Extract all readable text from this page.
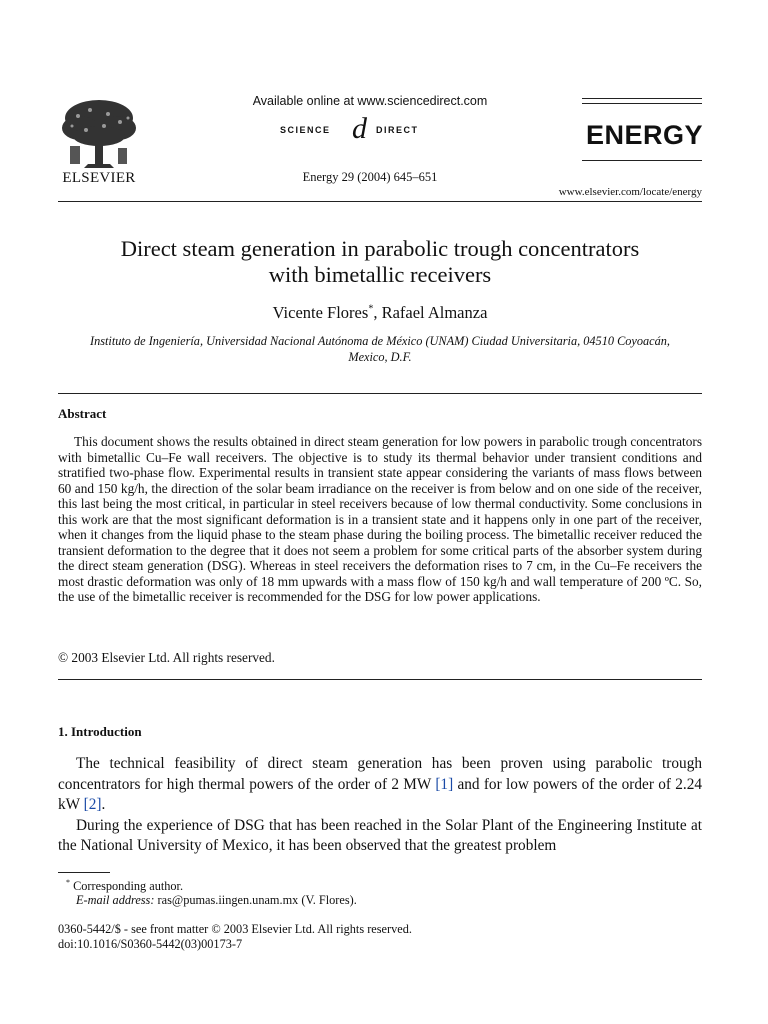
ELSEVIER
Available online at www.sciencedirect.com
SCIENCE d DIRECT
Energy 29 (2004) 645–651
ENERGY
www.elsevier.com/locate/energy
Direct steam generation in parabolic trough concentrators
with bimetallic receivers
Vicente Flores*, Rafael Almanza
Instituto de Ingeniería, Universidad Nacional Autónoma de México (UNAM) Ciudad Universitaria, 04510 Coyoacán,
Mexico, D.F.
Abstract

This document shows the results obtained in direct steam generation for low powers in parabolic trough concentrators with bimetallic Cu–Fe wall receivers. The objective is to study its thermal behavior under transient conditions and stratified two-phase flow. Experimental results in transient state appear considering the variants of mass flows between 60 and 150 kg/h, the direction of the solar beam irradiance on the receiver is from below and on one side of the receiver, this last being the most critical, in particular in steel receivers because of low thermal conductivity. Some conclusions in this work are that the most significant deformation is in a transient state and it happens only in one part of the receiver, when it changes from the liquid phase to the steam phase during the boiling process. The bimetallic receiver reduced the transient deformation to the degree that it does not seem a problem for some critical parts of the absorber system during the direct steam generation (DSG). Whereas in steel receivers the deformation rises to 7 cm, in the Cu–Fe receivers the most drastic deformation was only of 18 mm upwards with a mass flow of 150 kg/h and wall temperature of 200 ºC. So, the use of the bimetallic receiver is recommended for the DSG for low power applications.

© 2003 Elsevier Ltd. All rights reserved.
1. Introduction

The technical feasibility of direct steam generation has been proven using parabolic trough concentrators for high thermal powers of the order of 2 MW [1] and for low powers of the order of 2.24 kW [2].

During the experience of DSG that has been reached in the Solar Plant of the Engineering Institute at the National University of Mexico, it has been observed that the greatest problem

* Corresponding author.
E-mail address: ras@pumas.iingen.unam.mx (V. Flores).
0360-5442/$ - see front matter © 2003 Elsevier Ltd. All rights reserved.
doi:10.1016/S0360-5442(03)00173-7
